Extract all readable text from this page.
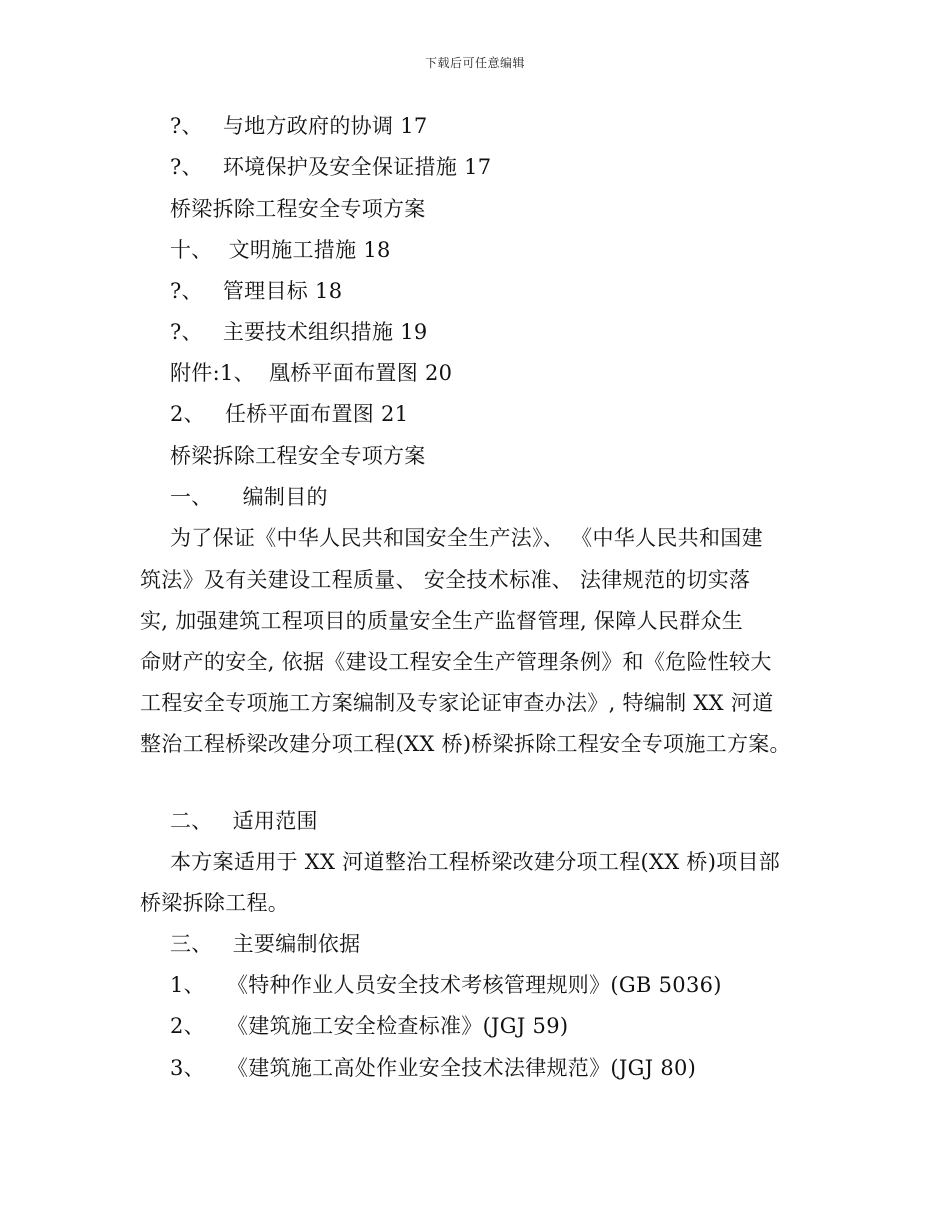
下载后可任意编辑
?、 与地方政府的协调 17
?、 环境保护及安全保证措施 17
桥梁拆除工程安全专项方案
十、 文明施工措施 18
?、 管理目标 18
?、 主要技术组织措施 19
附件:1、 凰桥平面布置图 20
2、 任桥平面布置图 21
桥梁拆除工程安全专项方案
一、 编制目的
为了保证《中华人民共和国安全生产法》、 《中华人民共和国建
筑法》及有关建设工程质量、 安全技术标准、 法律规范的切实落
实, 加强建筑工程项目的质量安全生产监督管理, 保障人民群众生
命财产的安全, 依据《建设工程安全生产管理条例》和《危险性较大
工程安全专项施工方案编制及专家论证审查办法》, 特编制 XX 河道
整治工程桥梁改建分项工程(XX 桥)桥梁拆除工程安全专项施工方案。
二、 适用范围
本方案适用于 XX 河道整治工程桥梁改建分项工程(XX 桥)项目部
桥梁拆除工程。
三、 主要编制依据
1、 《特种作业人员安全技术考核管理规则》(GB 5036)
2、 《建筑施工安全检查标准》(JGJ 59)
3、 《建筑施工高处作业安全技术法律规范》(JGJ 80)
